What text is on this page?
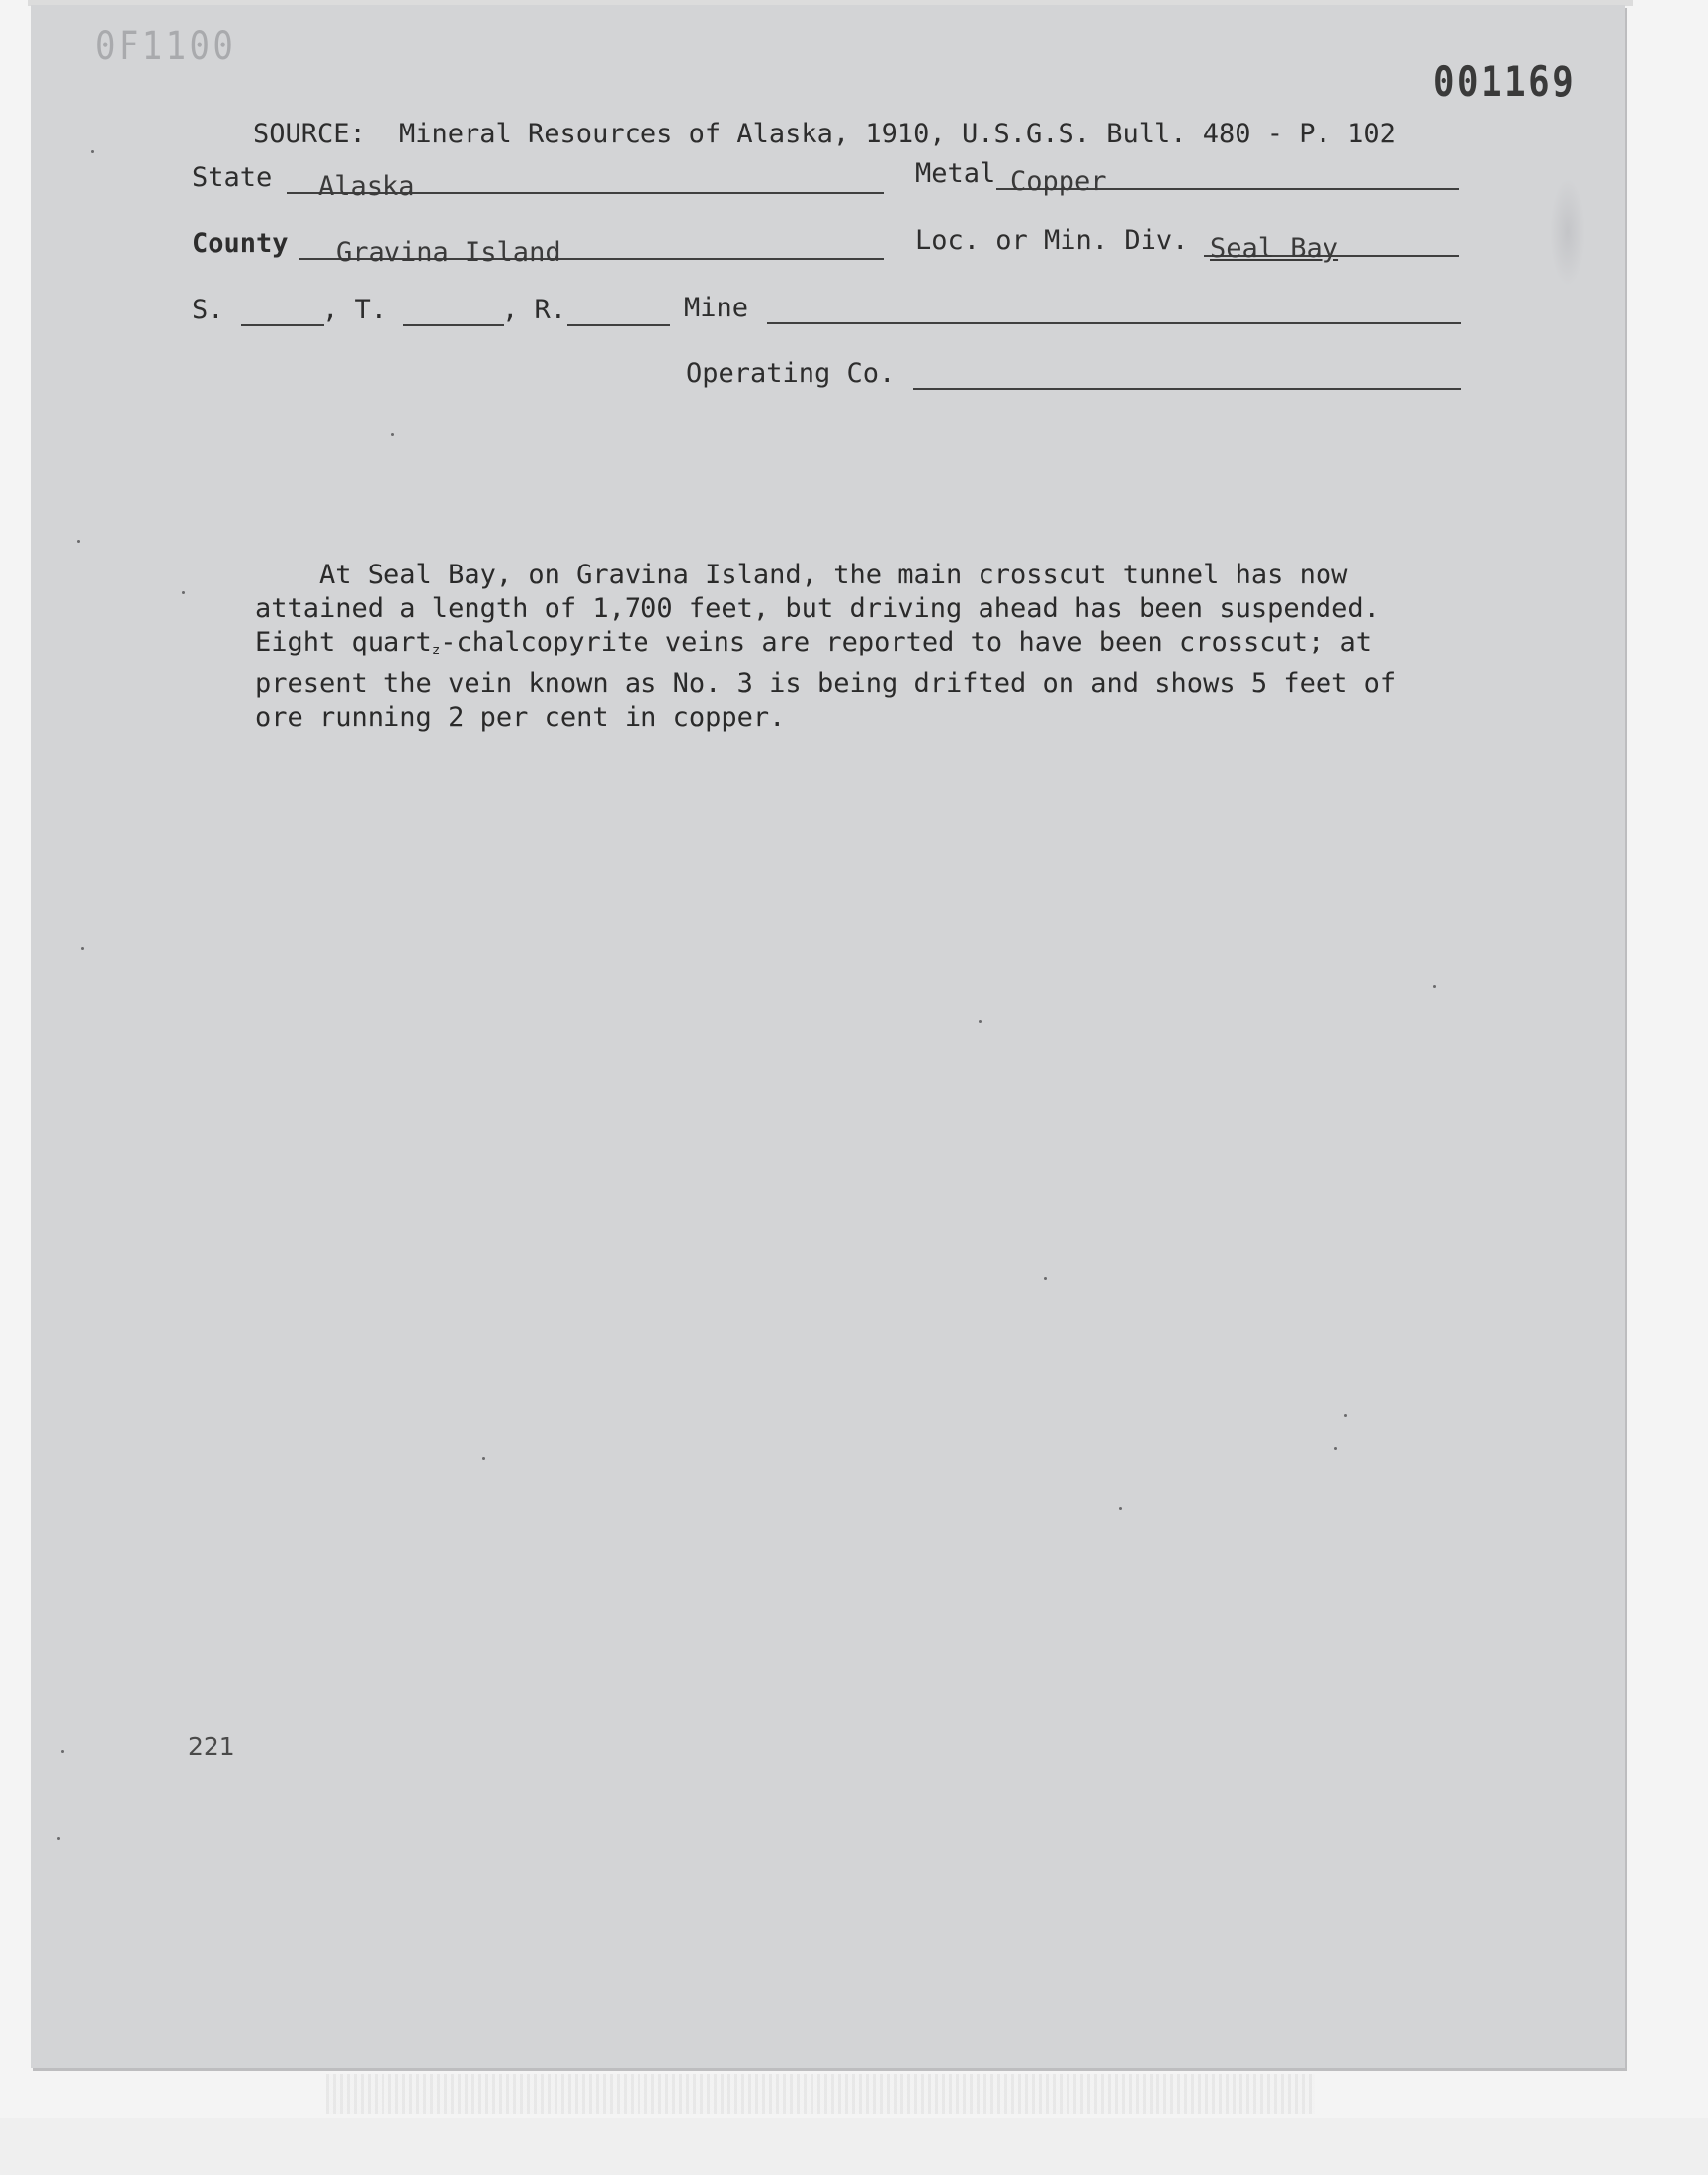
0F1100
001169
SOURCE: Mineral Resources of Alaska, 1910, U.S.G.S. Bull. 480 - P. 102
State Alaska	Metal Copper
County Gravina Island	Loc. or Min. Div. Seal Bay
S.	, T.	, R.	Mine
Operating Co.
At Seal Bay, on Gravina Island, the main crosscut tunnel has now
attained a length of 1,700 feet, but driving ahead has been suspended.
Eight quart$_z$-chalcopyrite veins are reported to have been crosscut; at
present the vein known as No. 3 is being drifted on and shows 5 feet of
ore running 2 per cent in copper.
221
